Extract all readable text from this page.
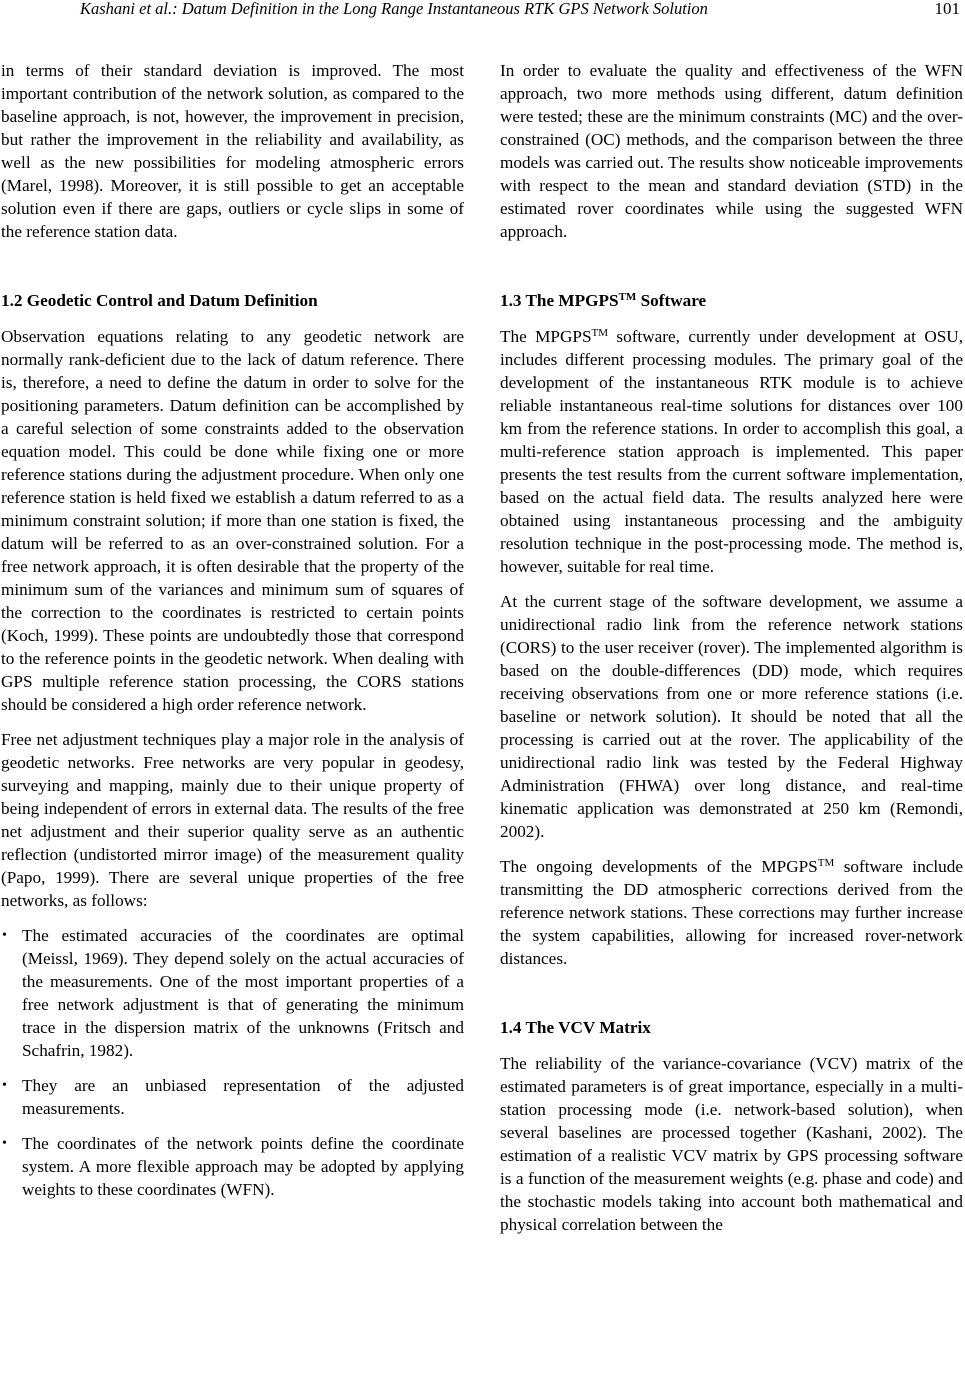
Kashani et al.: Datum Definition in the Long Range Instantaneous RTK GPS Network Solution	101

in terms of their standard deviation is improved. The most important contribution of the network solution, as compared to the baseline approach, is not, however, the improvement in precision, but rather the improvement in the reliability and availability, as well as the new possibilities for modeling atmospheric errors (Marel, 1998). Moreover, it is still possible to get an acceptable solution even if there are gaps, outliers or cycle slips in some of the reference station data.

1.2 Geodetic Control and Datum Definition

Observation equations relating to any geodetic network are normally rank-deficient due to the lack of datum reference. There is, therefore, a need to define the datum in order to solve for the positioning parameters. Datum definition can be accomplished by a careful selection of some constraints added to the observation equation model. This could be done while fixing one or more reference stations during the adjustment procedure. When only one reference station is held fixed we establish a datum referred to as a minimum constraint solution; if more than one station is fixed, the datum will be referred to as an over-constrained solution. For a free network approach, it is often desirable that the property of the minimum sum of the variances and minimum sum of squares of the correction to the coordinates is restricted to certain points (Koch, 1999). These points are undoubtedly those that correspond to the reference points in the geodetic network. When dealing with GPS multiple reference station processing, the CORS stations should be considered a high order reference network.

Free net adjustment techniques play a major role in the analysis of geodetic networks. Free networks are very popular in geodesy, surveying and mapping, mainly due to their unique property of being independent of errors in external data. The results of the free net adjustment and their superior quality serve as an authentic reflection (undistorted mirror image) of the measurement quality (Papo, 1999). There are several unique properties of the free networks, as follows:

• The estimated accuracies of the coordinates are optimal (Meissl, 1969). They depend solely on the actual accuracies of the measurements. One of the most important properties of a free network adjustment is that of generating the minimum trace in the dispersion matrix of the unknowns (Fritsch and Schafrin, 1982).
• They are an unbiased representation of the adjusted measurements.
• The coordinates of the network points define the coordinate system. A more flexible approach may be adopted by applying weights to these coordinates (WFN).

In order to evaluate the quality and effectiveness of the WFN approach, two more methods using different, datum definition were tested; these are the minimum constraints (MC) and the over-constrained (OC) methods, and the comparison between the three models was carried out. The results show noticeable improvements with respect to the mean and standard deviation (STD) in the estimated rover coordinates while using the suggested WFN approach.

1.3 The MPGPS™ Software

The MPGPS™ software, currently under development at OSU, includes different processing modules. The primary goal of the development of the instantaneous RTK module is to achieve reliable instantaneous real-time solutions for distances over 100 km from the reference stations. In order to accomplish this goal, a multi-reference station approach is implemented. This paper presents the test results from the current software implementation, based on the actual field data. The results analyzed here were obtained using instantaneous processing and the ambiguity resolution technique in the post-processing mode. The method is, however, suitable for real time.

At the current stage of the software development, we assume a unidirectional radio link from the reference network stations (CORS) to the user receiver (rover). The implemented algorithm is based on the double-differences (DD) mode, which requires receiving observations from one or more reference stations (i.e. baseline or network solution). It should be noted that all the processing is carried out at the rover. The applicability of the unidirectional radio link was tested by the Federal Highway Administration (FHWA) over long distance, and real-time kinematic application was demonstrated at 250 km (Remondi, 2002).

The ongoing developments of the MPGPS™ software include transmitting the DD atmospheric corrections derived from the reference network stations. These corrections may further increase the system capabilities, allowing for increased rover-network distances.

1.4 The VCV Matrix

The reliability of the variance-covariance (VCV) matrix of the estimated parameters is of great importance, especially in a multi-station processing mode (i.e. network-based solution), when several baselines are processed together (Kashani, 2002). The estimation of a realistic VCV matrix by GPS processing software is a function of the measurement weights (e.g. phase and code) and the stochastic models taking into account both mathematical and physical correlation between the
